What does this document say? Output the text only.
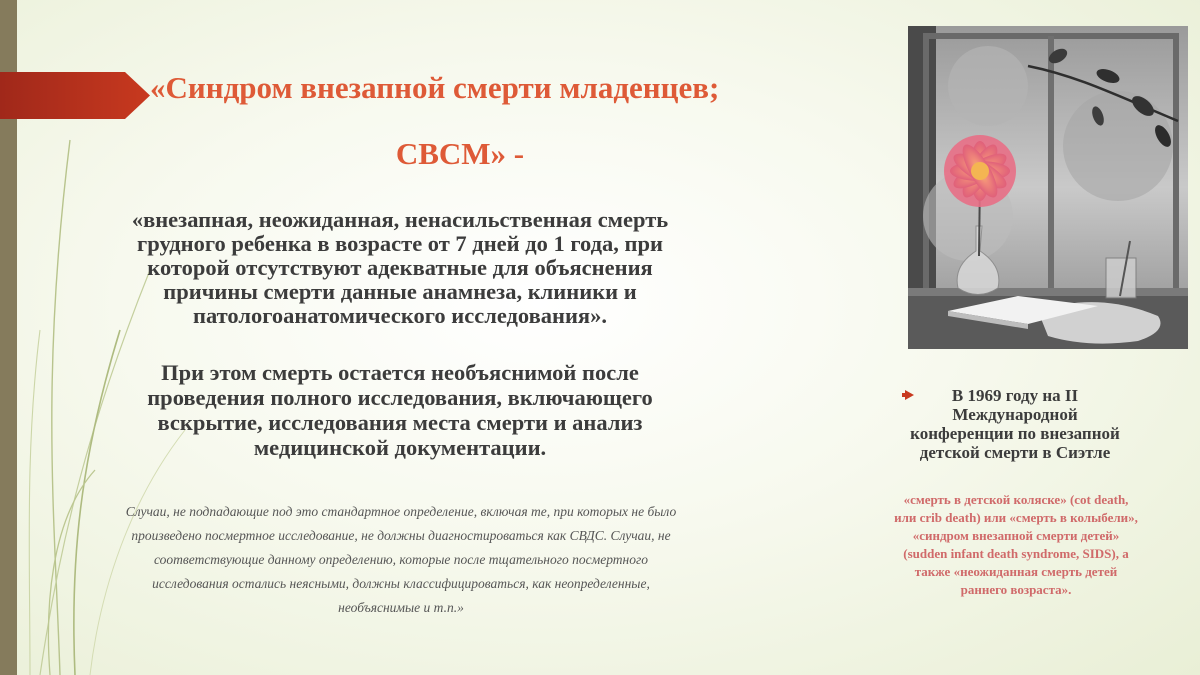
«Синдром внезапной смерти младенцев;
СВСМ» -
«внезапная, неожиданная, ненасильственная смерть
грудного ребенка в возрасте от 7 дней до 1 года, при
которой отсутствуют адекватные для объяснения
причины смерти данные анамнеза, клиники и
патологоанатомического исследования».
При этом смерть остается необъяснимой после
проведения полного исследования, включающего
вскрытие, исследования места смерти и анализ
медицинской документации.
Случаи, не подпадающие под это стандартное определение, включая те, при которых не было
произведено посмертное исследование, не должны диагностироваться как СВДС. Случаи, не
соответствующие данному определению, которые после тщательного посмертного
исследования остались неясными, должны классифицироваться, как неопределенные,
необъяснимые и т.п.»
В 1969 году на II
Международной
конференции по внезапной
детской смерти в Сиэтле
«смерть в детской коляске» (cot death,
или crib death) или «смерть в колыбели»,
«синдром внезапной смерти детей»
(sudden infant death syndrome, SIDS), а
также «неожиданная смерть детей
раннего возраста».
